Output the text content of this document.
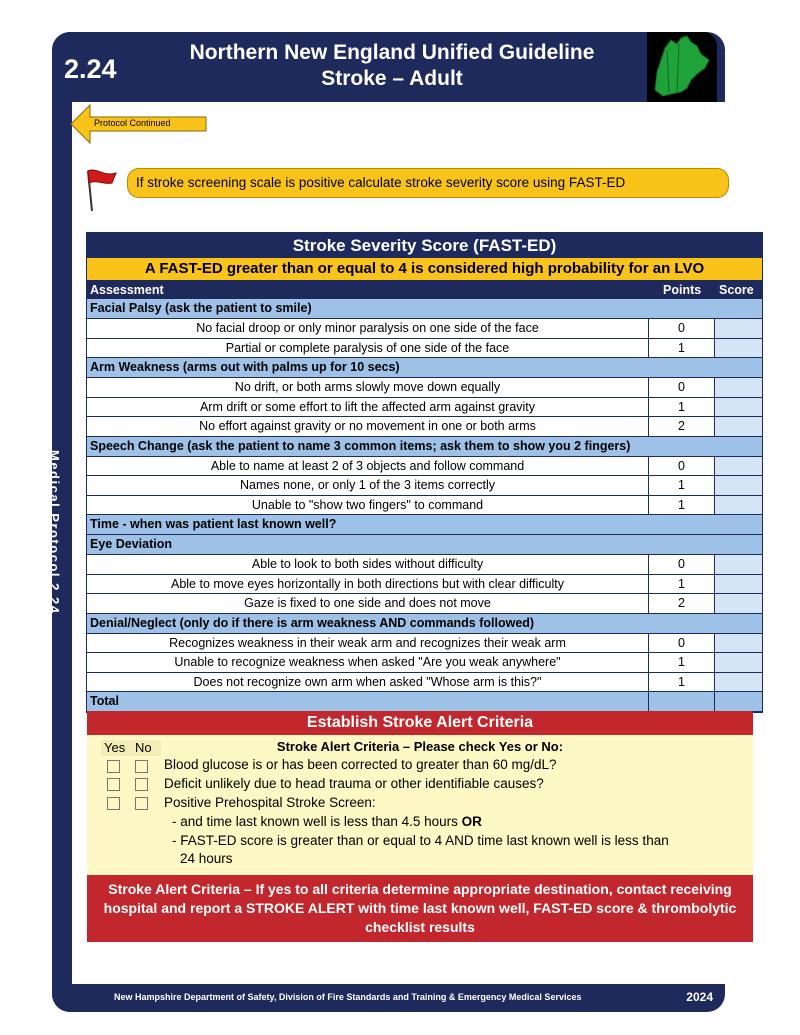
2.24
Northern New England Unified Guideline
Stroke – Adult
Medical Protocol 2.24
New Hampshire Department of Safety, Division of Fire Standards and Training & Emergency Medical Services	2024
Protocol Continued
If stroke screening scale is positive calculate stroke severity score using FAST-ED
Stroke Severity Score (FAST-ED)
A FAST-ED greater than or equal to 4 is considered high probability for an LVO
Assessment	Points Score
Facial Palsy (ask the patient to smile)
No facial droop or only minor paralysis on one side of the face	0
Partial or complete paralysis of one side of the face	1
Arm Weakness (arms out with palms up for 10 secs)
No drift, or both arms slowly move down equally	0
Arm drift or some effort to lift the affected arm against gravity	1
No effort against gravity or no movement in one or both arms	2
Speech Change (ask the patient to name 3 common items; ask them to show you 2 fingers)
Able to name at least 2 of 3 objects and follow command	0
Names none, or only 1 of the 3 items correctly	1
Unable to "show two fingers" to command	1
Time - when was patient last known well?
Eye Deviation
Able to look to both sides without difficulty	0
Able to move eyes horizontally in both directions but with clear difficulty	1
Gaze is fixed to one side and does not move	2
Denial/Neglect (only do if there is arm weakness AND commands followed)
Recognizes weakness in their weak arm and recognizes their weak arm	0
Unable to recognize weakness when asked "Are you weak anywhere"	1
Does not recognize own arm when asked "Whose arm is this?"	1
Total
Establish Stroke Alert Criteria
Yes No	Stroke Alert Criteria – Please check Yes or No:
Blood glucose is or has been corrected to greater than 60 mg/dL?
Deficit unlikely due to head trauma or other identifiable causes?
Positive Prehospital Stroke Screen:
- and time last known well is less than 4.5 hours OR
- FAST-ED score is greater than or equal to 4 AND time last known well is less than
24 hours
Stroke Alert Criteria – If yes to all criteria determine appropriate destination, contact receiving hospital and report a STROKE ALERT with time last known well, FAST-ED score & thrombolytic checklist results
